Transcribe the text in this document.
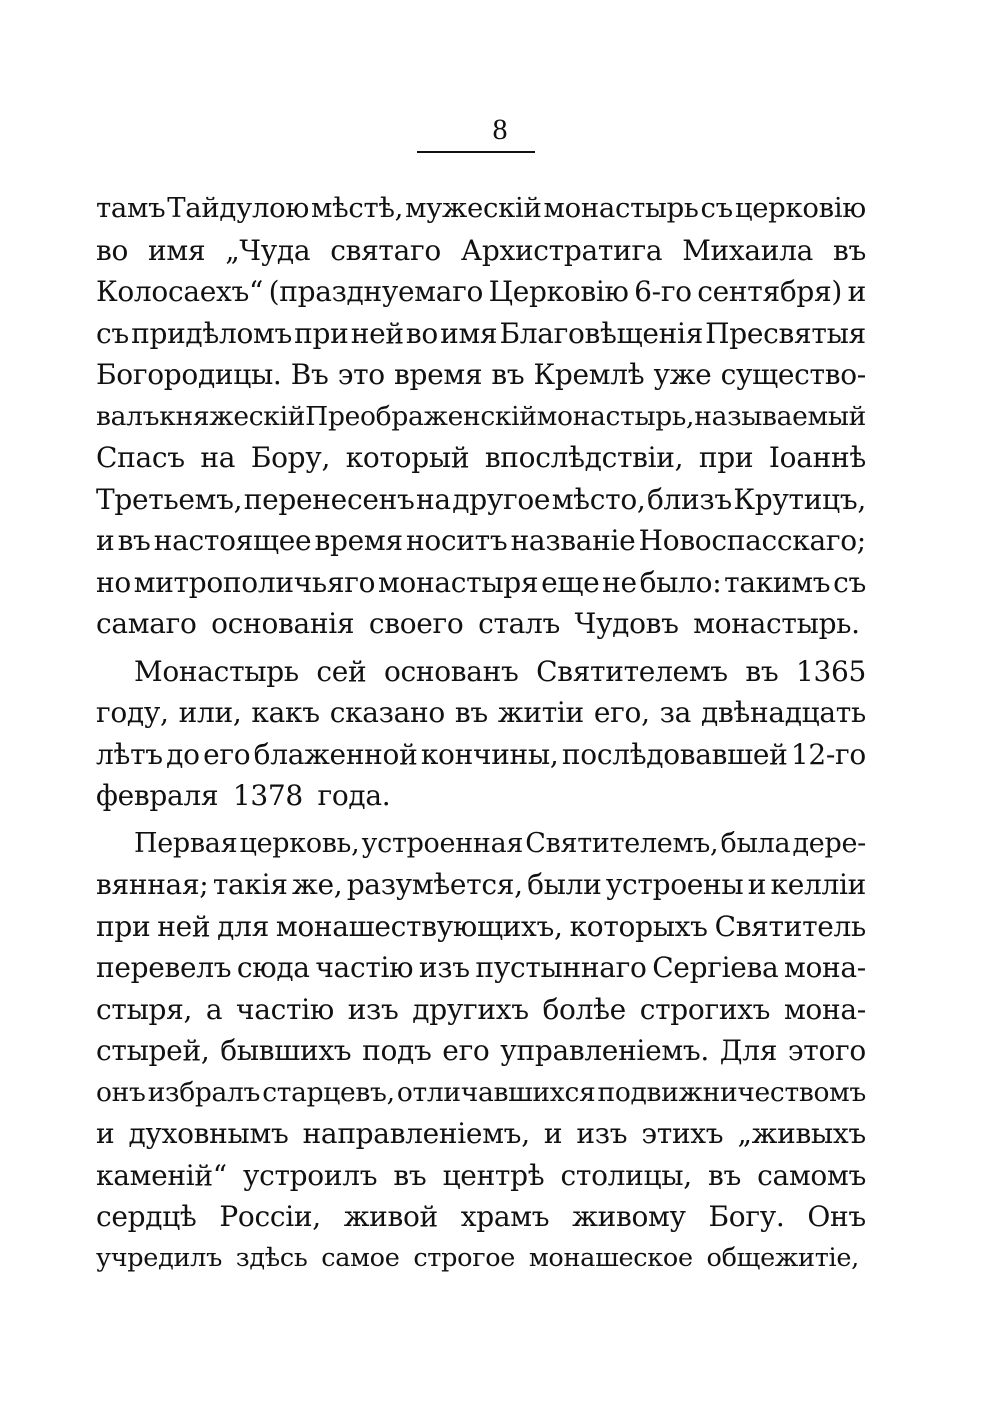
8
тамъ Тайдулою мѣстѣ, мужескій монастырь съ церковію
во имя „Чуда святаго Архистратига Михаила въ
Колосаехъ“ (празднуемаго Церковію 6-го сентября) и
съ придѣломъ при ней во имя Благовѣщенія Пресвятыя
Богородицы. Въ это время въ Кремлѣ уже существо-
валъ княжескій Преображенскій монастырь, называемый
Спасъ на Бору, который впослѣдствіи, при Іоаннѣ
Третьемъ, перенесенъ на другое мѣсто, близъ Крутицъ,
и въ настоящее время носитъ названіе Новоспасскаго;
но митрополичьяго монастыря еще не было: такимъ съ
самаго основанія своего сталъ Чудовъ монастырь.
Монастырь сей основанъ Святителемъ въ 1365
году, или, какъ сказано въ житіи его, за двѣнадцать
лѣтъ до его блаженной кончины, послѣдовавшей 12-го
февраля 1378 года.
Первая церковь, устроенная Святителемъ, была дере-
вянная; такія же, разумѣется, были устроены и келліи
при ней для монашествующихъ, которыхъ Святитель
перевелъ сюда частію изъ пустыннаго Сергіева мона-
стыря, а частію изъ другихъ болѣе строгихъ мона-
стырей, бывшихъ подъ его управленіемъ. Для этого
онъ избралъ старцевъ, отличавшихся подвижничествомъ
и духовнымъ направленіемъ, и изъ этихъ „живыхъ
каменій“ устроилъ въ центрѣ столицы, въ самомъ
сердцѣ Россіи, живой храмъ живому Богу. Онъ
учредилъ здѣсь самое строгое монашеское общежитіе,
